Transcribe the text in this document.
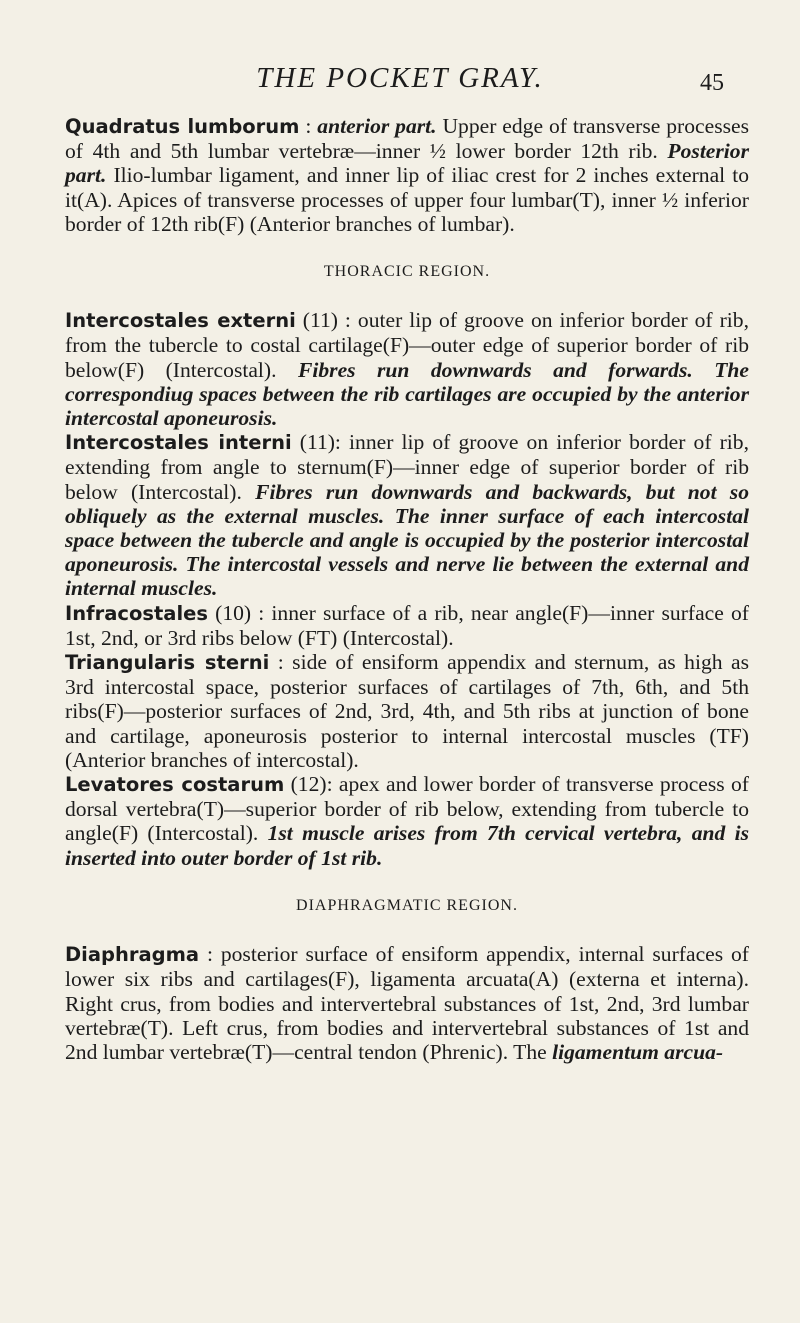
THE POCKET GRAY.	45

Quadratus lumborum : anterior part. Upper edge of transverse processes of 4th and 5th lumbar vertebræ—inner ½ lower border 12th rib. Posterior part. Ilio-lumbar ligament, and inner lip of iliac crest for 2 inches external to it(A). Apices of transverse processes of upper four lumbar(T), inner ½ inferior border of 12th rib(F) (Anterior branches of lumbar).

THORACIC REGION.

Intercostales externi (11) : outer lip of groove on inferior border of rib, from the tubercle to costal cartilage(F)—outer edge of superior border of rib below(F) (Intercostal). Fibres run downwards and forwards. The correspondiug spaces between the rib cartilages are occupied by the anterior intercostal aponeurosis.

Intercostales interni (11): inner lip of groove on inferior border of rib, extending from angle to sternum(F)—inner edge of superior border of rib below (Intercostal). Fibres run downwards and backwards, but not so obliquely as the external muscles. The inner surface of each intercostal space between the tubercle and angle is occupied by the posterior intercostal aponeurosis. The intercostal vessels and nerve lie between the external and internal muscles.

Infracostales (10) : inner surface of a rib, near angle(F)—inner surface of 1st, 2nd, or 3rd ribs below (FT) (Intercostal).

Triangularis sterni : side of ensiform appendix and sternum, as high as 3rd intercostal space, posterior surfaces of cartilages of 7th, 6th, and 5th ribs(F)—posterior surfaces of 2nd, 3rd, 4th, and 5th ribs at junction of bone and cartilage, aponeurosis posterior to internal intercostal muscles (TF) (Anterior branches of intercostal).

Levatores costarum (12): apex and lower border of transverse process of dorsal vertebra(T)—superior border of rib below, extending from tubercle to angle(F) (Intercostal). 1st muscle arises from 7th cervical vertebra, and is inserted into outer border of 1st rib.

DIAPHRAGMATIC REGION.

Diaphragma : posterior surface of ensiform appendix, internal surfaces of lower six ribs and cartilages(F), ligamenta arcuata(A) (externa et interna). Right crus, from bodies and intervertebral substances of 1st, 2nd, 3rd lumbar vertebræ(T). Left crus, from bodies and intervertebral substances of 1st and 2nd lumbar vertebræ(T)—central tendon (Phrenic). The ligamentum arcua-
